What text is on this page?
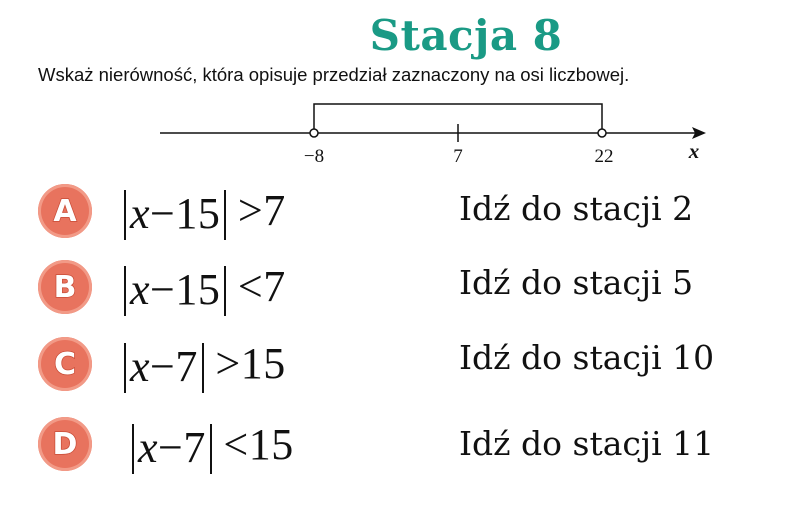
Stacja 8
Wskaż nierówność, która opisuje przedział zaznaczony na osi liczbowej.
−8	7	22	x
A x−15 >7	Idź do stacji 2
B x−15 <7	Idź do stacji 5
C x−7 >15	Idź do stacji 10
D x−7 <15	Idź do stacji 11
